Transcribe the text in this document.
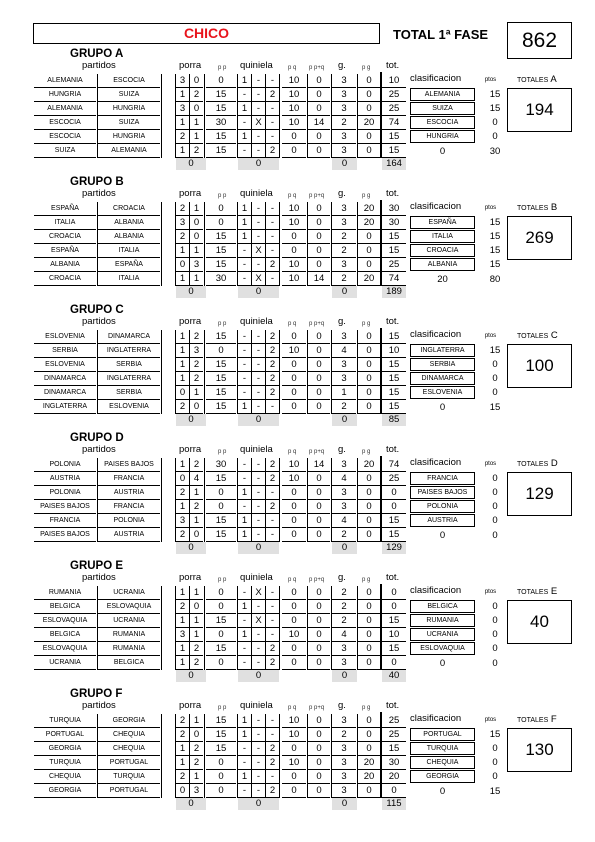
CHICO	TOTAL 1ª FASE	862
GRUPO A
partidos	porra	p p quiniela	p q p p+q g.	p g tot.
ALEMANIA	ESCOCIA	3 0	0	1	-	-	10	0	3	0	10
HUNGRIA	SUIZA	1 2	15	-	-	2	10	0	3	0	25
ALEMANIA	HUNGRIA	3 0	15	1	-	-	10	0	3	0	25
ESCOCIA	SUIZA	1 1	30	- X -	10	14	2	20	74
ESCOCIA	HUNGRIA	2 1	15	1	-	-	0	0	3	0	15
SUIZA	ALEMANIA	1 2	15	-	-	2	0	0	3	0	15
0	0	0	164
clasificacion	ptos
ALEMANIA	15
SUIZA	15
ESCOCIA	0
HUNGRIA	0
0	30
TOTALES A
194
GRUPO B
partidos	porra	p p quiniela	p q p p+q g.	p g tot.
ESPAÑA	CROACIA	2 1	0	1	-	-	10	0	3	20	30
ITALIA	ALBANIA	3 0	0	1	-	-	10	0	3	20	30
CROACIA	ALBANIA	2 0	15	1	-	-	0	0	2	0	15
ESPAÑA	ITALIA	1 1	15	- X -	0	0	2	0	15
ALBANIA	ESPAÑA	0 3	15	-	-	2	10	0	3	0	25
CROACIA	ITALIA	1 1	30	- X -	10	14	2	20	74
0	0	0	189
clasificacion	ptos
ESPAÑA	15
ITALIA	15
CROACIA	15
ALBANIA	15
20	80
TOTALES B
269
GRUPO C
partidos	porra	p p quiniela	p q p p+q g.	p g tot.
ESLOVENIA	DINAMARCA	1 2	15	-	-	2	0	0	3	0	15
SERBIA	INGLATERRA	1 3	0	-	-	2	10	0	4	0	10
ESLOVENIA	SERBIA	1 2	15	-	-	2	0	0	3	0	15
DINAMARCA	INGLATERRA	1 2	15	-	-	2	0	0	3	0	15
DINAMARCA	SERBIA	0 1	15	-	-	2	0	0	1	0	15
INGLATERRA	ESLOVENIA	2 0	15	1	-	-	0	0	2	0	15
0	0	0	85
clasificacion	ptos
INGLATERRA	15
SERBIA	0
DINAMARCA	0
ESLOVENIA	0
0	15
TOTALES C
100
GRUPO D
partidos	porra	p p quiniela	p q p p+q g.	p g tot.
POLONIA	PAISES BAJOS	1 2	30	-	-	2	10	14	3	20	74
AUSTRIA	FRANCIA	0 4	15	-	-	2	10	0	4	0	25
POLONIA	AUSTRIA	2 1	0	1	-	-	0	0	3	0	0
PAISES BAJOS	FRANCIA	1 2	0	-	-	2	0	0	3	0	0
FRANCIA	POLONIA	3 1	15	1	-	-	0	0	4	0	15
PAISES BAJOS	AUSTRIA	2 0	15	1	-	-	0	0	2	0	15
0	0	0	129
clasificacion	ptos
FRANCIA	0
PAISES BAJOS	0
POLONIA	0
AUSTRIA	0
0	0
TOTALES D
129
GRUPO E
partidos	porra	p p quiniela	p q p p+q g.	p g tot.
RUMANIA	UCRANIA	1 1	0	- X -	0	0	2	0	0
BELGICA	ESLOVAQUIA	2 0	0	1	-	-	0	0	2	0	0
ESLOVAQUIA	UCRANIA	1 1	15	- X -	0	0	2	0	15
BELGICA	RUMANIA	3 1	0	1	-	-	10	0	4	0	10
ESLOVAQUIA	RUMANIA	1 2	15	-	-	2	0	0	3	0	15
UCRANIA	BELGICA	1 2	0	-	-	2	0	0	3	0	0
0	0	0	40
clasificacion	ptos
BELGICA	0
RUMANIA	0
UCRANIA	0
ESLOVAQUIA	0
0	0
TOTALES E
40
GRUPO F
partidos	porra	p p quiniela	p q p p+q g.	p g tot.
TURQUIA	GEORGIA	2 1	15	1	-	-	10	0	3	0	25
PORTUGAL	CHEQUIA	2 0	15	1	-	-	10	0	2	0	25
GEORGIA	CHEQUIA	1 2	15	-	-	2	0	0	3	0	15
TURQUIA	PORTUGAL	1 2	0	-	-	2	10	0	3	20	30
CHEQUIA	TURQUIA	2 1	0	1	-	-	0	0	3	20	20
GEORGIA	PORTUGAL	0 3	0	-	-	2	0	0	3	0	0
0	0	0	115
clasificacion	ptos
PORTUGAL	15
TURQUIA	0
CHEQUIA	0
GEORGIA	0
0	15
TOTALES F
130
